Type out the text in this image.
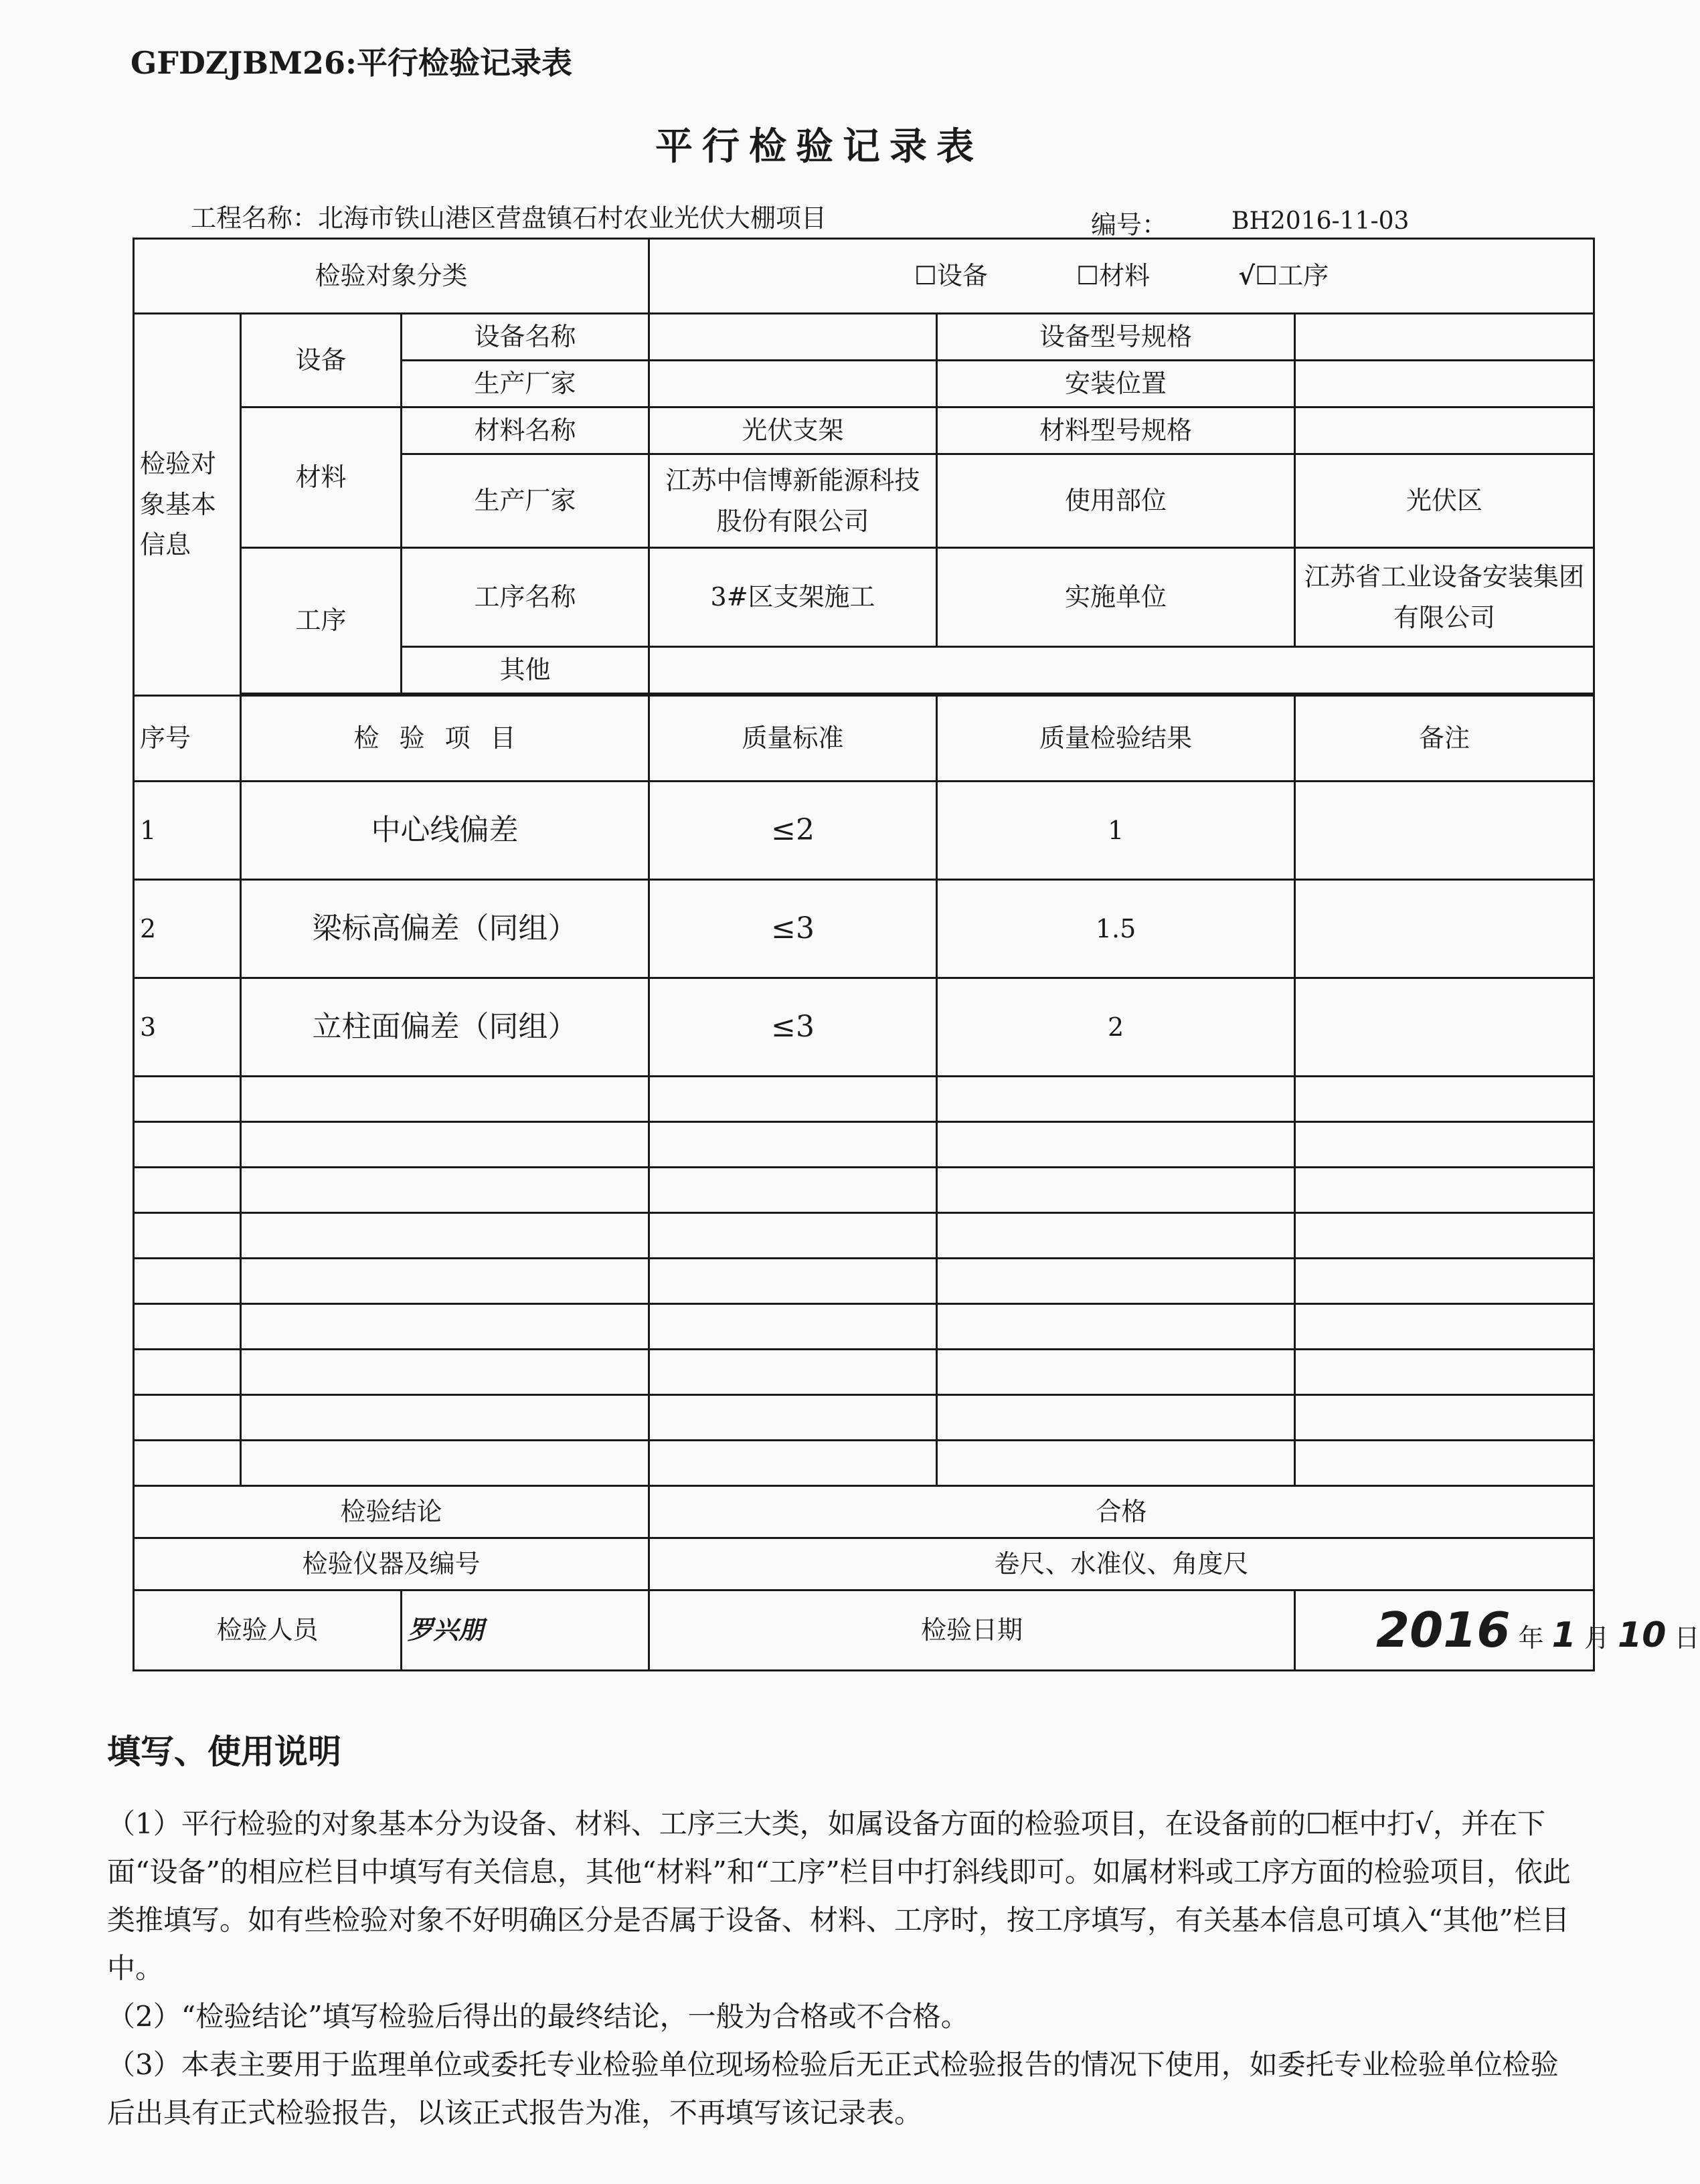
GFDZJBM26:平行检验记录表
平行检验记录表
工程名称：北海市铁山港区营盘镇石村农业光伏大棚项目	编号：	BH2016-11-03
检验对象分类			☐设备 ☐材料 √☐工序		
检验对象基本信息	设备	设备名称		设备型号规格	
		生产厂家		安装位置	
	材料	材料名称	光伏支架	材料型号规格	
		生产厂家	江苏中信博新能源科技股份有限公司	使用部位	光伏区
	工序	工序名称	3#区支架施工	实施单位	江苏省工业设备安装集团有限公司
		其他			

序号	检验项目		质量标准	质量检验结果	备注
1	中心线偏差		≤2	1	
2	梁标高偏差（同组）		≤3	1.5	
3	立柱面偏差（同组）		≤3	2	

检验结论			合格		
检验仪器及编号			卷尺、水准仪、角度尺		
检验人员		罗兴朋	检验日期		2016 年 1 月 10 日
填写、使用说明

（1）平行检验的对象基本分为设备、材料、工序三大类，如属设备方面的检验项目，在设备前的☐框中打√，并在下面“设备”的相应栏目中填写有关信息，其他“材料”和“工序”栏目中打斜线即可。如属材料或工序方面的检验项目，依此类推填写。如有些检验对象不好明确区分是否属于设备、材料、工序时，按工序填写，有关基本信息可填入“其他”栏目中。

（2）“检验结论”填写检验后得出的最终结论，一般为合格或不合格。

（3）本表主要用于监理单位或委托专业检验单位现场检验后无正式检验报告的情况下使用，如委托专业检验单位检验后出具有正式检验报告，以该正式报告为准，不再填写该记录表。
